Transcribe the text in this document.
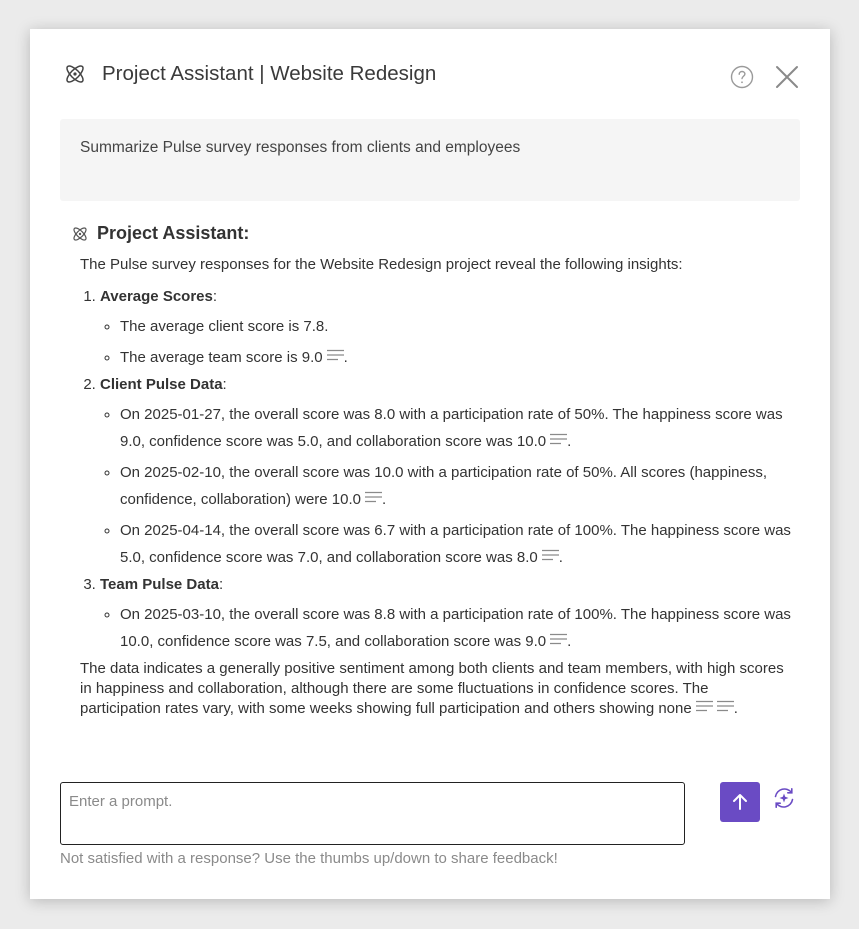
Project Assistant | Website Redesign
Summarize Pulse survey responses from clients and employees
Project Assistant:

The Pulse survey responses for the Website Redesign project reveal the following insights:

1. Average Scores:
◦ The average client score is 7.8.
◦ The average team score is 9.0 .
2. Client Pulse Data:
◦ On 2025-01-27, the overall score was 8.0 with a participation rate of 50%. The happiness score was 9.0, confidence score was 5.0, and collaboration score was 10.0 .
◦ On 2025-02-10, the overall score was 10.0 with a participation rate of 50%. All scores (happiness, confidence, collaboration) were 10.0 .
◦ On 2025-04-14, the overall score was 6.7 with a participation rate of 100%. The happiness score was 5.0, confidence score was 7.0, and collaboration score was 8.0 .
3. Team Pulse Data:
◦ On 2025-03-10, the overall score was 8.8 with a participation rate of 100%. The happiness score was 10.0, confidence score was 7.5, and collaboration score was 9.0 .

The data indicates a generally positive sentiment among both clients and team members, with high scores in happiness and collaboration, although there are some fluctuations in confidence scores. The participation rates vary, with some weeks showing full participation and others showing none	.

Enter a prompt.
Not satisfied with a response? Use the thumbs up/down to share feedback!
